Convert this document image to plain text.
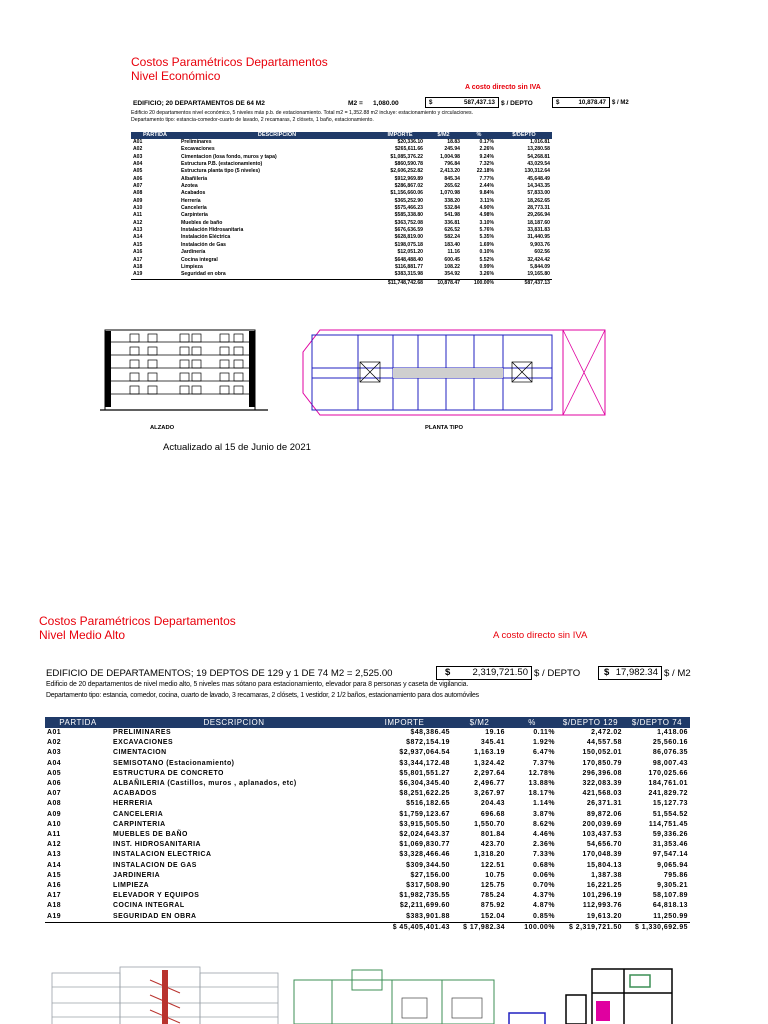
Costos Paramétricos Departamentos
Nivel Económico
A costo directo sin IVA
EDIFICIO; 20 DEPARTAMENTOS DE 64 M2	M2 = 1,080.00	$	587,437.13 $ / DEPTO	$	10,878.47	$ / M2
Edificio 20 departamentos nivel económico, 5 niveles más p.b. de estacionamiento. Total m2 = 1,352.88 m2 incluye: estacionamiento y circulaciones.
Departamento tipo: estancia-comedor-cuarto de lavado, 2 recamaras, 2 clósets, 1 baño, estacionamiento.
PARTIDA	DESCRIPCION	IMPORTE	$/M2	%	$/DEPTO
A01	Preliminares	$20,336.10	18.83	0.17%	1,016.81
A02	Excavaciones	$265,611.66	245.94	2.26%	13,280.58
A03	Cimentacion (losa fondo, muros y tapa)	$1,085,376.22	1,004.98	9.24%	54,268.81
A04	Estructura P.B. (estacionamiento)	$860,590.78	796.84	7.32%	43,029.54
A05	Estructura planta tipo (5 niveles)	$2,606,252.82	2,413.20	22.18%	130,312.64
A06	Albañilería	$912,969.89	845.34	7.77%	45,648.49
A07	Azotea	$286,867.02	265.62	2.44%	14,343.35
A08	Acabados	$1,156,660.06	1,070.98	9.84%	57,833.00
A09	Herrería	$365,252.90	338.20	3.11%	18,262.65
A10	Cancelería	$575,466.23	532.84	4.90%	28,773.31
A11	Carpintería	$585,338.80	541.98	4.98%	29,266.94
A12	Muebles de baño	$363,752.08	336.81	3.10%	18,187.60
A13	Instalación Hidrosanitaria	$676,636.59	626.52	5.76%	33,831.83
A14	Instalación Eléctrica	$628,819.00	582.24	5.35%	31,440.95
A15	Instalación de Gas	$198,075.18	183.40	1.69%	9,903.76
A16	Jardinería	$12,051.20	11.16	0.10%	602.56
A17	Cocina integral	$648,488.40	600.45	5.52%	32,424.42
A18	Limpieza	$116,881.77	108.22	0.99%	5,844.09
A19	Seguridad en obra	$383,315.98	354.92	3.26%	19,165.80
		$11,748,742.68	10,878.47	100.00%	587,437.13
ALZADO	PLANTA TIPO
Actualizado al 15 de Junio de 2021
Costos Paramétricos Departamentos
Nivel Medio Alto	A costo directo sin IVA
EDIFICIO DE DEPARTAMENTOS; 19 DEPTOS DE 129 y 1 DE 74 M2 = 2,525.00	$ 2,319,721.50 $ / DEPTO	$ 17,982.34 $ / M2
Edificio de 20 departamentos de nivel medio alto, 5 niveles mas sótano para estacionamiento, elevador para 8 personas y caseta de vigilancia.
Departamento tipo: estancia, comedor, cocina, cuarto de lavado, 3 recamaras, 2 clósets, 1 vestidor, 2 1/2 baños, estacionamiento para dos automóviles
PARTIDA	DESCRIPCION	IMPORTE	$/M2	%	$/DEPTO 129	$/DEPTO 74
A01	PRELIMINARES	$48,386.45	19.16	0.11%	2,472.02	1,418.06
A02	EXCAVACIONES	$872,154.19	345.41	1.92%	44,557.58	25,560.16
A03	CIMENTACION	$2,937,064.54	1,163.19	6.47%	150,052.01	86,076.35
A04	SEMISOTANO (Estacionamiento)	$3,344,172.48	1,324.42	7.37%	170,850.79	98,007.43
A05	ESTRUCTURA DE CONCRETO	$5,801,551.27	2,297.64	12.78%	296,396.08	170,025.66
A06	ALBAÑILERIA (Castillos, muros , aplanados, etc)	$6,304,345.40	2,496.77	13.88%	322,083.39	184,761.01
A07	ACABADOS	$8,251,622.25	3,267.97	18.17%	421,568.03	241,829.72
A08	HERRERIA	$516,182.65	204.43	1.14%	26,371.31	15,127.73
A09	CANCELERIA	$1,759,123.67	696.68	3.87%	89,872.06	51,554.52
A10	CARPINTERIA	$3,915,505.50	1,550.70	8.62%	200,039.69	114,751.45
A11	MUEBLES DE BAÑO	$2,024,643.37	801.84	4.46%	103,437.53	59,336.26
A12	INST. HIDROSANITARIA	$1,069,830.77	423.70	2.36%	54,656.70	31,353.46
A13	INSTALACION ELECTRICA	$3,328,466.46	1,318.20	7.33%	170,048.39	97,547.14
A14	INSTALACION DE GAS	$309,344.50	122.51	0.68%	15,804.13	9,065.94
A15	JARDINERIA	$27,156.00	10.75	0.06%	1,387.38	795.86
A16	LIMPIEZA	$317,508.90	125.75	0.70%	16,221.25	9,305.21
A17	ELEVADOR Y EQUIPOS	$1,982,735.55	785.24	4.37%	101,296.19	58,107.89
A18	COCINA INTEGRAL	$2,211,699.60	875.92	4.87%	112,993.76	64,818.13
A19	SEGURIDAD EN OBRA	$383,901.88	152.04	0.85%	19,613.20	11,250.99
		$ 45,405,401.43	$ 17,982.34	100.00%	$ 2,319,721.50	$ 1,330,692.95
